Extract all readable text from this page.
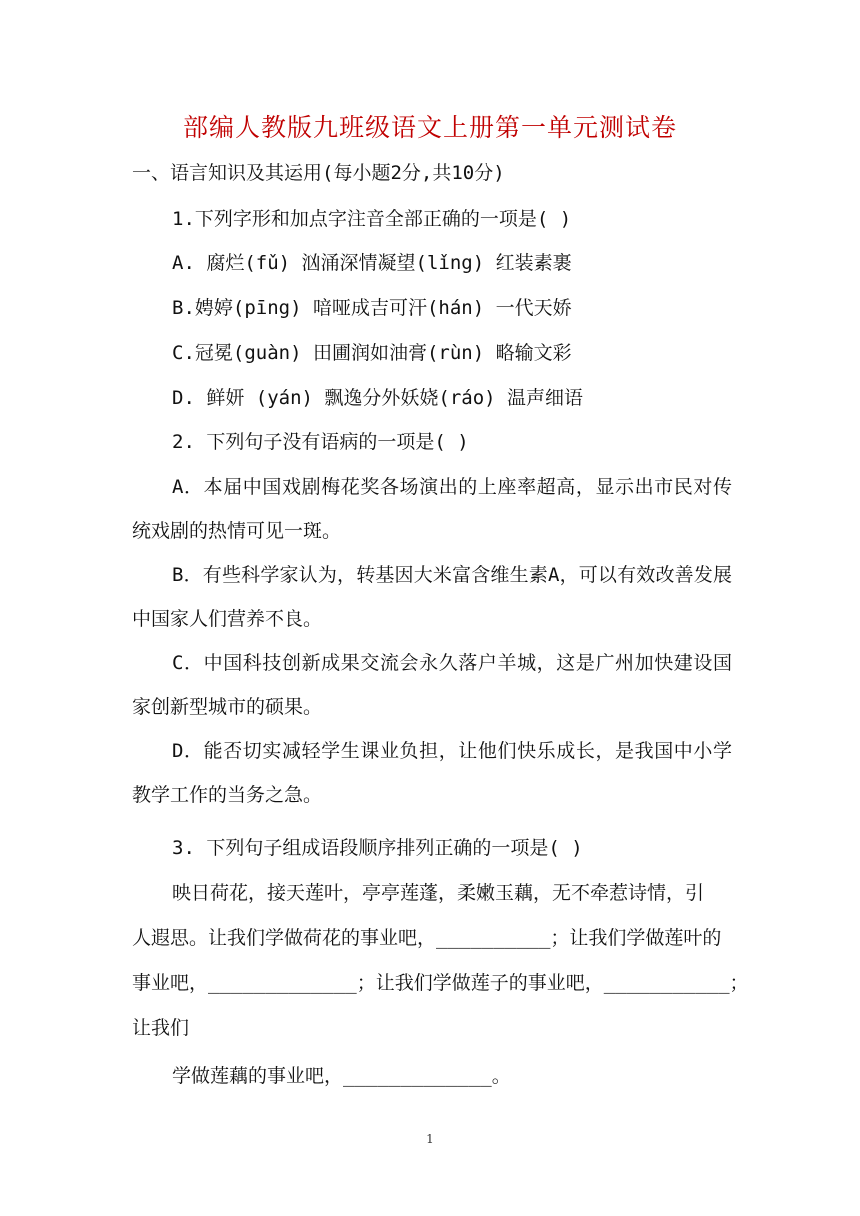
部编人教版九班级语文上册第一单元测试卷
一、语言知识及其运用(每小题2分,共10分)
1.下列字形和加点字注音全部正确的一项是( )
A. 腐烂(fǔ) 汹涌深情凝望(lǐng) 红装素裹
B.娉婷(pīng) 喑哑成吉可汗(hán) 一代天娇
C.冠冕(guàn) 田圃润如油膏(rùn) 略输文彩
D. 鲜妍 (yán) 飘逸分外妖娆(ráo) 温声细语
2. 下列句子没有语病的一项是( )
A．本届中国戏剧梅花奖各场演出的上座率超高，显示出市民对传统戏剧的热情可见一斑。
B．有些科学家认为，转基因大米富含维生素A，可以有效改善发展中国家人们营养不良。
C．中国科技创新成果交流会永久落户羊城，这是广州加快建设国家创新型城市的硕果。
D．能否切实减轻学生课业负担，让他们快乐成长，是我国中小学教学工作的当务之急。
3. 下列句子组成语段顺序排列正确的一项是( )
映日荷花，接天莲叶，亭亭莲蓬，柔嫩玉藕，无不牵惹诗情，引
人遐思。让我们学做荷花的事业吧，__________；让我们学做莲叶的
事业吧，_____________；让我们学做莲子的事业吧，___________；
让我们
学做莲藕的事业吧，_____________。
1
